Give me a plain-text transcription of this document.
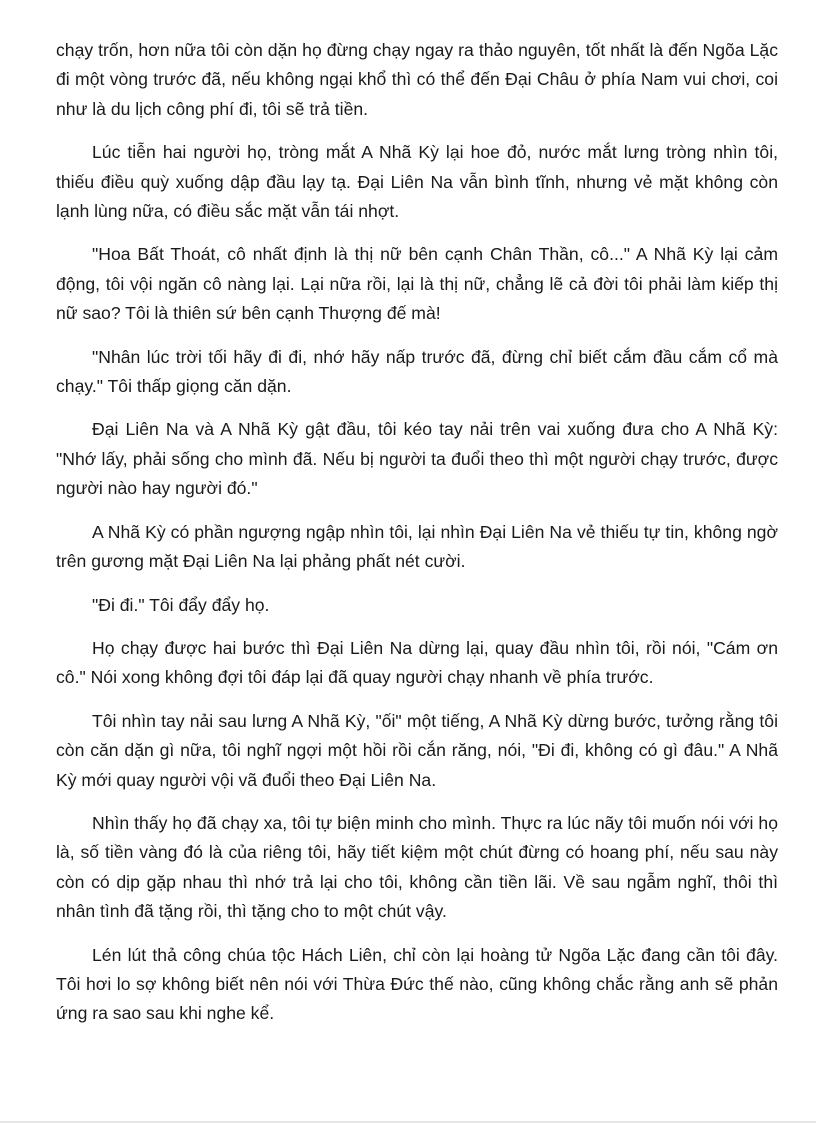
chạy trốn, hơn nữa tôi còn dặn họ đừng chạy ngay ra thảo nguyên, tốt nhất là đến Ngõa Lặc đi một vòng trước đã, nếu không ngại khổ thì có thể đến Đại Châu ở phía Nam vui chơi, coi như là du lịch công phí đi, tôi sẽ trả tiền.

Lúc tiễn hai người họ, tròng mắt A Nhã Kỳ lại hoe đỏ, nước mắt lưng tròng nhìn tôi, thiếu điều quỳ xuống dập đầu lạy tạ. Đại Liên Na vẫn bình tĩnh, nhưng vẻ mặt không còn lạnh lùng nữa, có điều sắc mặt vẫn tái nhợt.

"Hoa Bất Thoát, cô nhất định là thị nữ bên cạnh Chân Thần, cô..." A Nhã Kỳ lại cảm động, tôi vội ngăn cô nàng lại. Lại nữa rồi, lại là thị nữ, chẳng lẽ cả đời tôi phải làm kiếp thị nữ sao? Tôi là thiên sứ bên cạnh Thượng đế mà!

"Nhân lúc trời tối hãy đi đi, nhớ hãy nấp trước đã, đừng chỉ biết cắm đầu cắm cổ mà chạy." Tôi thấp giọng căn dặn.

Đại Liên Na và A Nhã Kỳ gật đầu, tôi kéo tay nải trên vai xuống đưa cho A Nhã Kỳ: "Nhớ lấy, phải sống cho mình đã. Nếu bị người ta đuổi theo thì một người chạy trước, được người nào hay người đó."

A Nhã Kỳ có phần ngượng ngập nhìn tôi, lại nhìn Đại Liên Na vẻ thiếu tự tin, không ngờ trên gương mặt Đại Liên Na lại phảng phất nét cười.

"Đi đi." Tôi đẩy đẩy họ.

Họ chạy được hai bước thì Đại Liên Na dừng lại, quay đầu nhìn tôi, rồi nói, "Cám ơn cô." Nói xong không đợi tôi đáp lại đã quay người chạy nhanh về phía trước.

Tôi nhìn tay nải sau lưng A Nhã Kỳ, "ối" một tiếng, A Nhã Kỳ dừng bước, tưởng rằng tôi còn căn dặn gì nữa, tôi nghĩ ngợi một hồi rồi cắn răng, nói, "Đi đi, không có gì đâu." A Nhã Kỳ mới quay người vội vã đuổi theo Đại Liên Na.

Nhìn thấy họ đã chạy xa, tôi tự biện minh cho mình. Thực ra lúc nãy tôi muốn nói với họ là, số tiền vàng đó là của riêng tôi, hãy tiết kiệm một chút đừng có hoang phí, nếu sau này còn có dịp gặp nhau thì nhớ trả lại cho tôi, không cần tiền lãi. Về sau ngẫm nghĩ, thôi thì nhân tình đã tặng rồi, thì tặng cho to một chút vậy.

Lén lút thả công chúa tộc Hách Liên, chỉ còn lại hoàng tử Ngõa Lặc đang cần tôi đây. Tôi hơi lo sợ không biết nên nói với Thừa Đức thế nào, cũng không chắc rằng anh sẽ phản ứng ra sao sau khi nghe kể.
